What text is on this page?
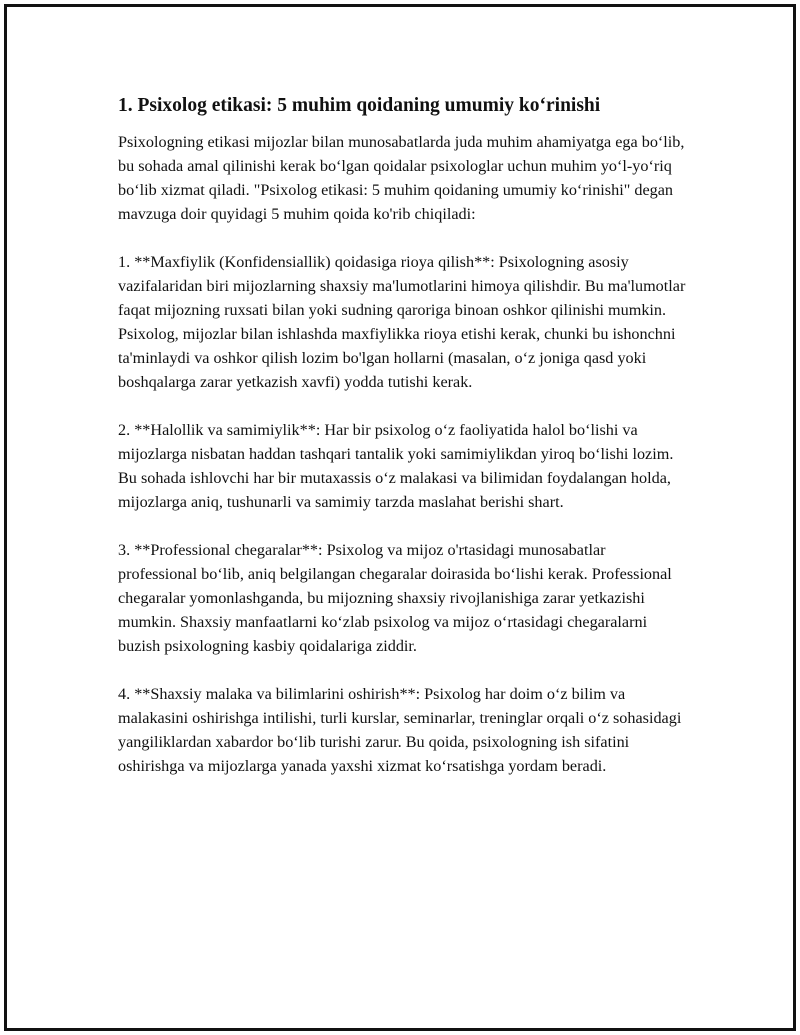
1. Psixolog etikasi: 5 muhim qoidaning umumiy ko‘rinishi

Psixologning etikasi mijozlar bilan munosabatlarda juda muhim ahamiyatga ega bo‘lib, bu sohada amal qilinishi kerak bo‘lgan qoidalar psixologlar uchun muhim yo‘l-yo‘riq bo‘lib xizmat qiladi. "Psixolog etikasi: 5 muhim qoidaning umumiy ko‘rinishi" degan mavzuga doir quyidagi 5 muhim qoida ko'rib chiqiladi:

1. **Maxfiylik (Konfidensiallik) qoidasiga rioya qilish**: Psixologning asosiy vazifalaridan biri mijozlarning shaxsiy ma'lumotlarini himoya qilishdir. Bu ma'lumotlar faqat mijozning ruxsati bilan yoki sudning qaroriga binoan oshkor qilinishi mumkin. Psixolog, mijozlar bilan ishlashda maxfiylikka rioya etishi kerak, chunki bu ishonchni ta'minlaydi va oshkor qilish lozim bo'lgan hollarni (masalan, o‘z joniga qasd yoki boshqalarga zarar yetkazish xavfi) yodda tutishi kerak.

2. **Halollik va samimiylik**: Har bir psixolog o‘z faoliyatida halol bo‘lishi va mijozlarga nisbatan haddan tashqari tantalik yoki samimiylikdan yiroq bo‘lishi lozim. Bu sohada ishlovchi har bir mutaxassis o‘z malakasi va bilimidan foydalangan holda, mijozlarga aniq, tushunarli va samimiy tarzda maslahat berishi shart.

3. **Professional chegaralar**: Psixolog va mijoz o'rtasidagi munosabatlar professional bo‘lib, aniq belgilangan chegaralar doirasida bo‘lishi kerak. Professional chegaralar yomonlashganda, bu mijozning shaxsiy rivojlanishiga zarar yetkazishi mumkin. Shaxsiy manfaatlarni ko‘zlab psixolog va mijoz o‘rtasidagi chegaralarni buzish psixologning kasbiy qoidalariga ziddir.

4. **Shaxsiy malaka va bilimlarini oshirish**: Psixolog har doim o‘z bilim va malakasini oshirishga intilishi, turli kurslar, seminarlar, treninglar orqali o‘z sohasidagi yangiliklardan xabardor bo‘lib turishi zarur. Bu qoida, psixologning ish sifatini oshirishga va mijozlarga yanada yaxshi xizmat ko‘rsatishga yordam beradi.
